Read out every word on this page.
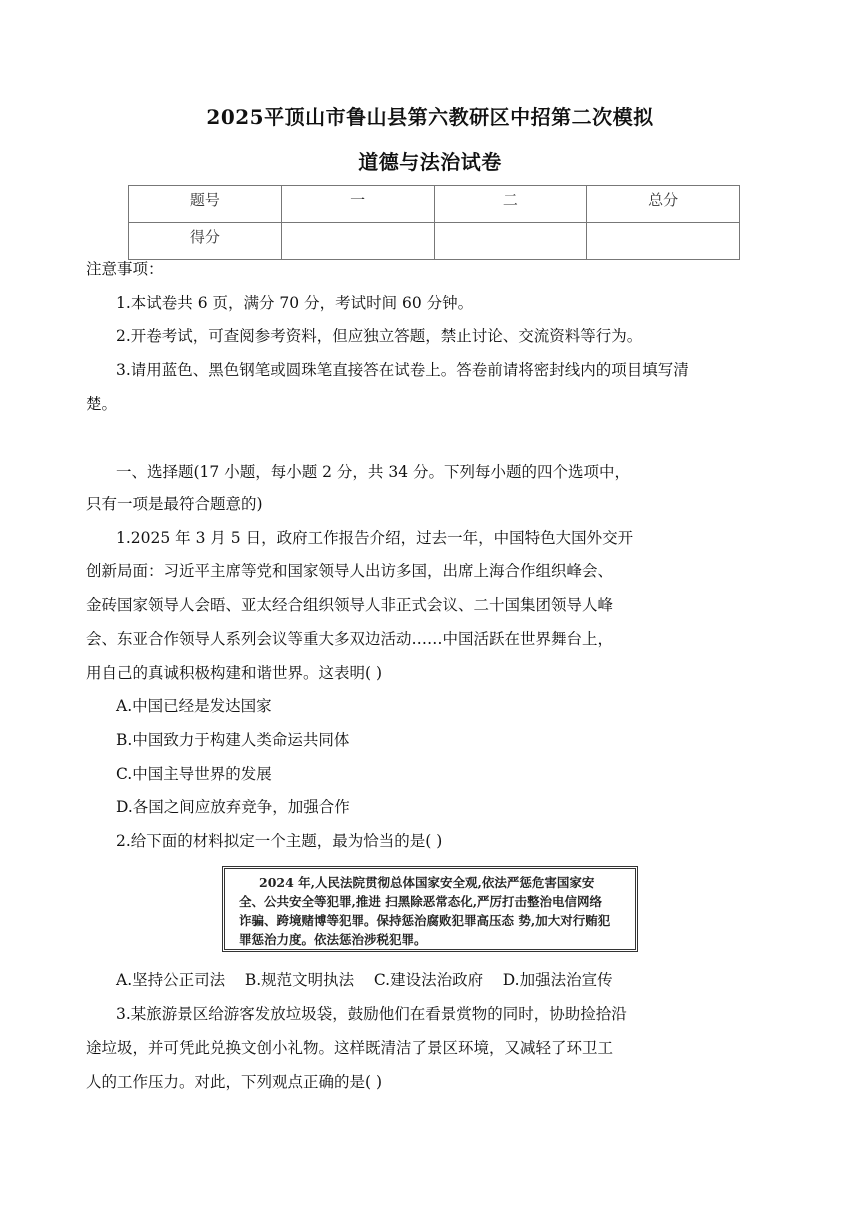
2025平顶山市鲁山县第六教研区中招第二次模拟
道德与法治试卷
题号	一	二	总分
得分			
注意事项：
1.本试卷共 6 页，满分 70 分，考试时间 60 分钟。
2.开卷考试，可查阅参考资料，但应独立答题，禁止讨论、交流资料等行为。
3.请用蓝色、黑色钢笔或圆珠笔直接答在试卷上。答卷前请将密封线内的项目填写清
楚。
一、选择题(17 小题，每小题 2 分，共 34 分。下列每小题的四个选项中，
只有一项是最符合题意的)
1.2025 年 3 月 5 日，政府工作报告介绍，过去一年，中国特色大国外交开
创新局面：习近平主席等党和国家领导人出访多国，出席上海合作组织峰会、
金砖国家领导人会晤、亚太经合组织领导人非正式会议、二十国集团领导人峰
会、东亚合作领导人系列会议等重大多双边活动……中国活跃在世界舞台上，
用自己的真诚积极构建和谐世界。这表明( )
A.中国已经是发达国家
B.中国致力于构建人类命运共同体
C.中国主导世界的发展
D.各国之间应放弃竞争，加强合作
2.给下面的材料拟定一个主题，最为恰当的是( )
2024 年,人民法院贯彻总体国家安全观,依法严惩危害国家安
全、公共安全等犯罪,推进 扫黑除恶常态化,严厉打击整治电信网络
诈骗、跨境赌博等犯罪。保持惩治腐败犯罪高压态 势,加大对行贿犯
罪惩治力度。依法惩治涉税犯罪。
A.坚持公正司法    B.规范文明执法    C.建设法治政府    D.加强法治宣传
3.某旅游景区给游客发放垃圾袋，鼓励他们在看景赏物的同时，协助捡拾沿
途垃圾，并可凭此兑换文创小礼物。这样既清洁了景区环境，又减轻了环卫工
人的工作压力。对此，下列观点正确的是( )
